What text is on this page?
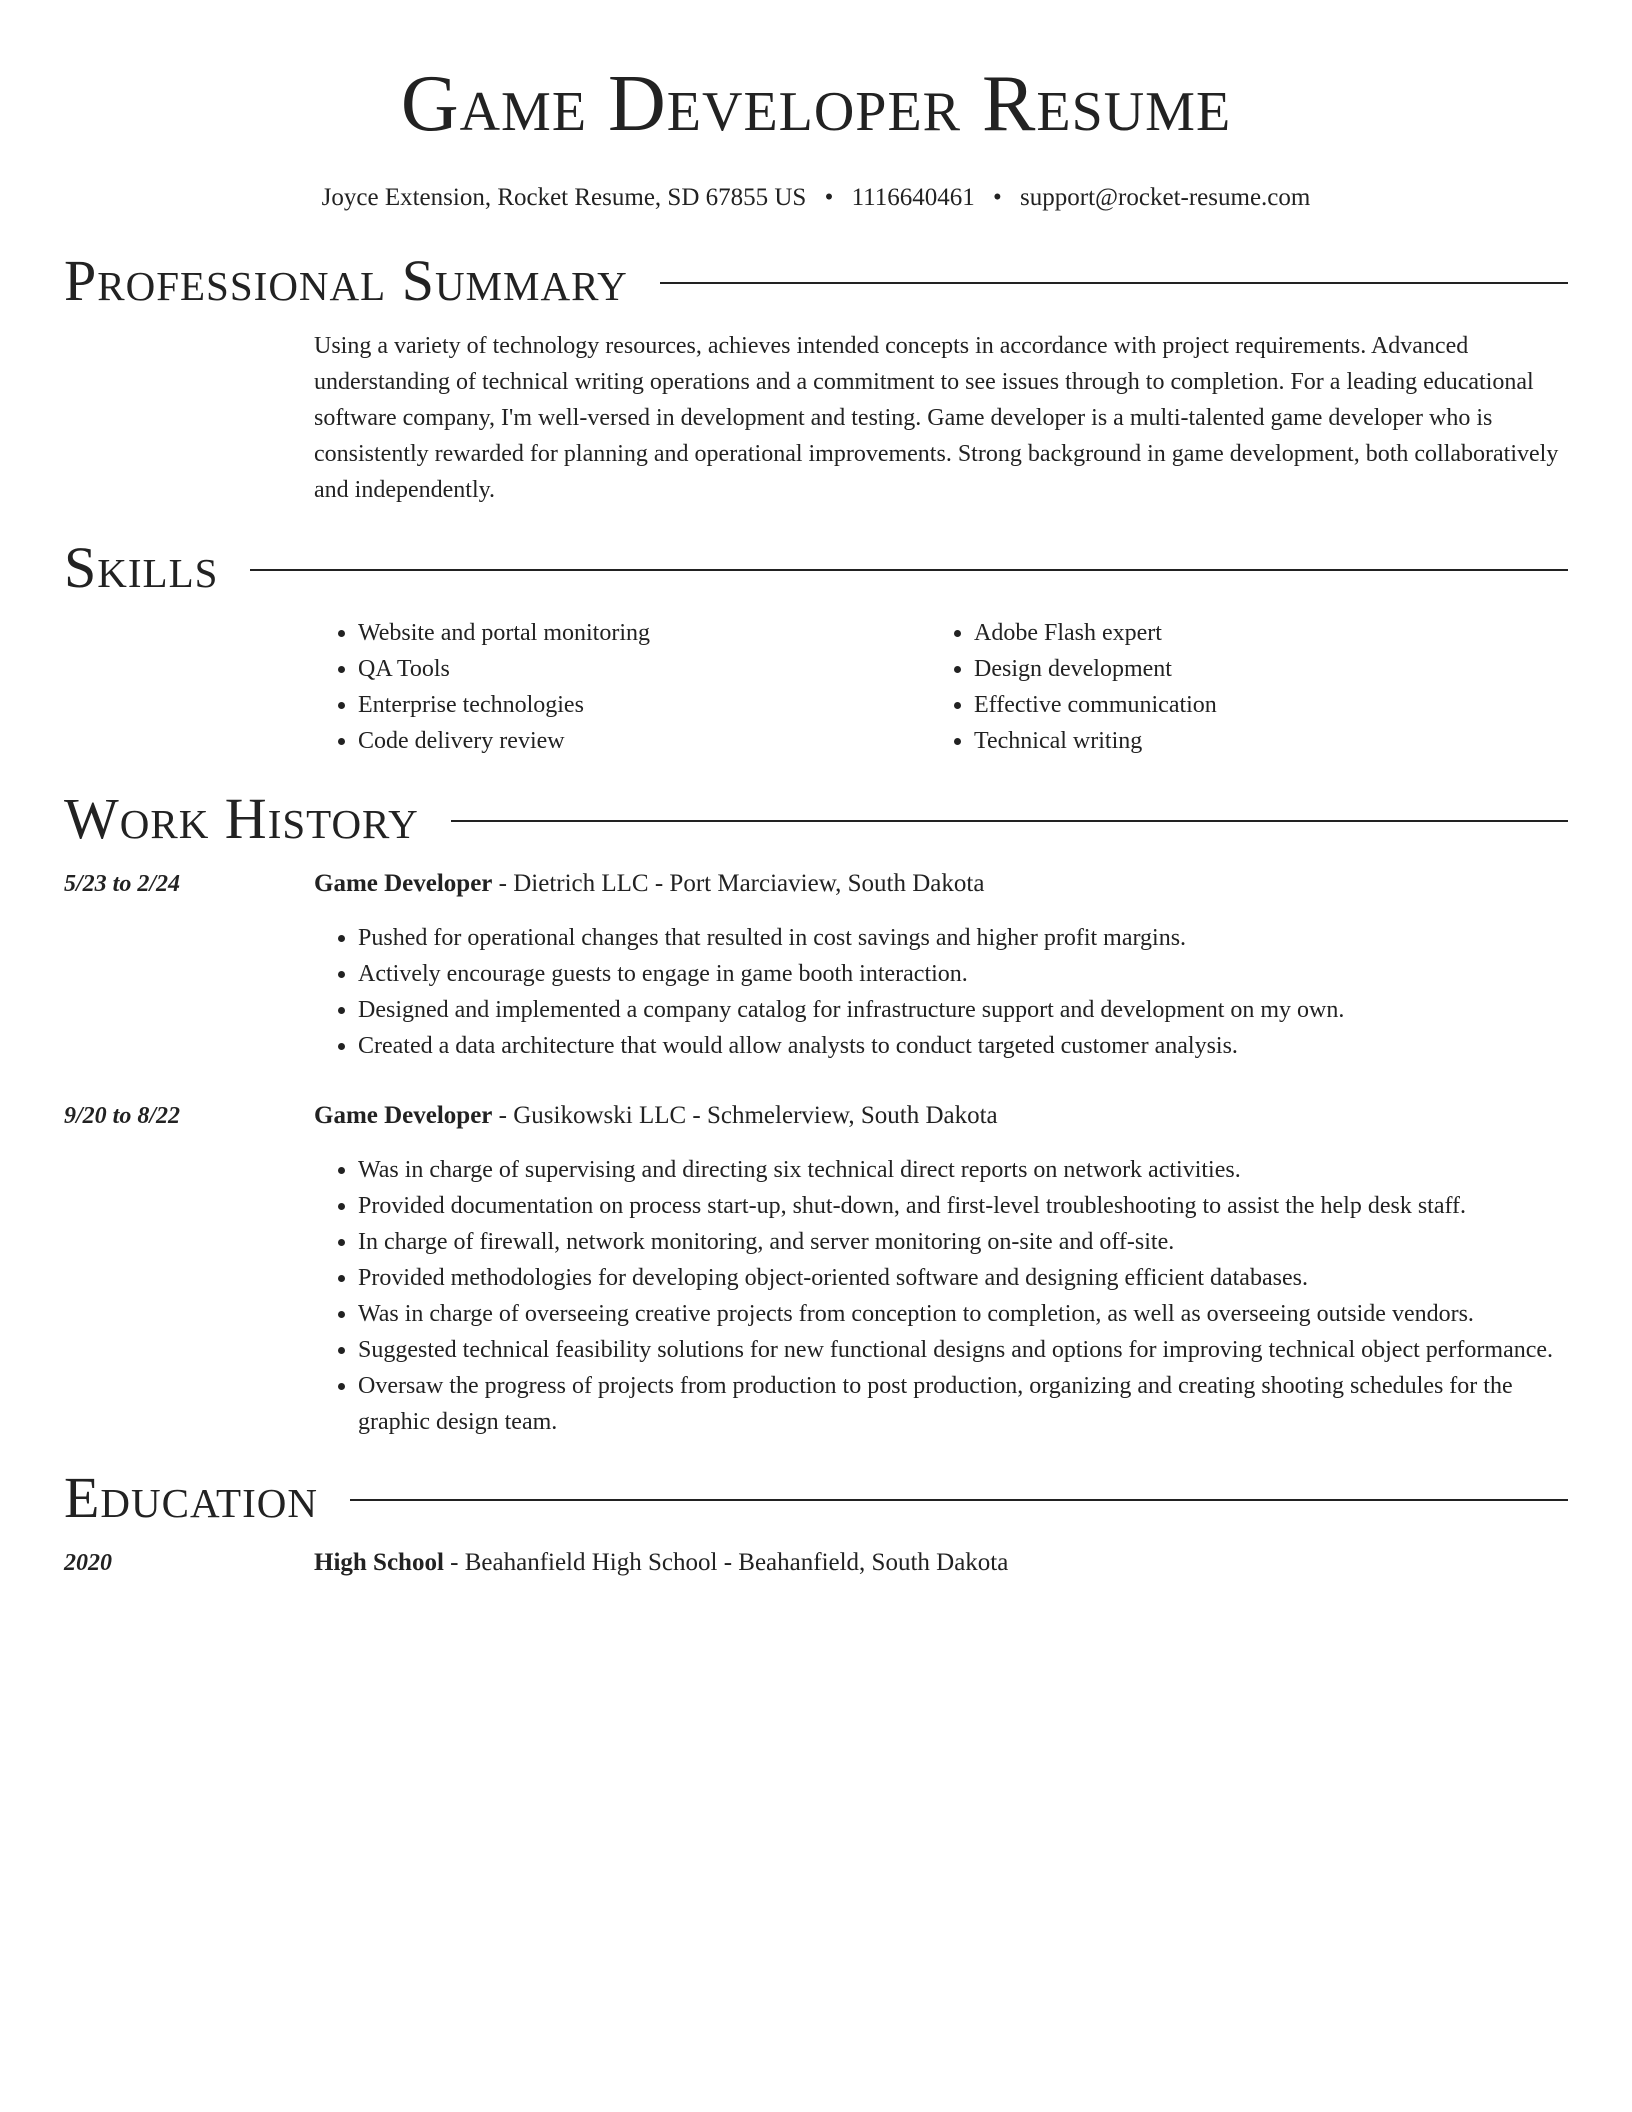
Game Developer Resume
Joyce Extension, Rocket Resume, SD 67855 US • 1116640461 • support@rocket-resume.com
Professional Summary

Using a variety of technology resources, achieves intended concepts in accordance with project requirements. Advanced understanding of technical writing operations and a commitment to see issues through to completion. For a leading educational software company, I'm well-versed in development and testing. Game developer is a multi-talented game developer who is consistently rewarded for planning and operational improvements. Strong background in game development, both collaboratively and independently.

Skills
• Website and portal monitoring
• QA Tools
• Enterprise technologies
• Code delivery review
• Adobe Flash expert
• Design development
• Effective communication
• Technical writing
Work History
5/23 to 2/24	Game Developer - Dietrich LLC - Port Marciaview, South Dakota
• Pushed for operational changes that resulted in cost savings and higher profit margins.
• Actively encourage guests to engage in game booth interaction.
• Designed and implemented a company catalog for infrastructure support and development on my own.
• Created a data architecture that would allow analysts to conduct targeted customer analysis.
9/20 to 8/22	Game Developer - Gusikowski LLC - Schmelerview, South Dakota
• Was in charge of supervising and directing six technical direct reports on network activities.
• Provided documentation on process start-up, shut-down, and first-level troubleshooting to assist the help desk staff.
• In charge of firewall, network monitoring, and server monitoring on-site and off-site.
• Provided methodologies for developing object-oriented software and designing efficient databases.
• Was in charge of overseeing creative projects from conception to completion, as well as overseeing outside vendors.
• Suggested technical feasibility solutions for new functional designs and options for improving technical object performance.
• Oversaw the progress of projects from production to post production, organizing and creating shooting schedules for the graphic design team.
Education
2020	High School - Beahanfield High School - Beahanfield, South Dakota
